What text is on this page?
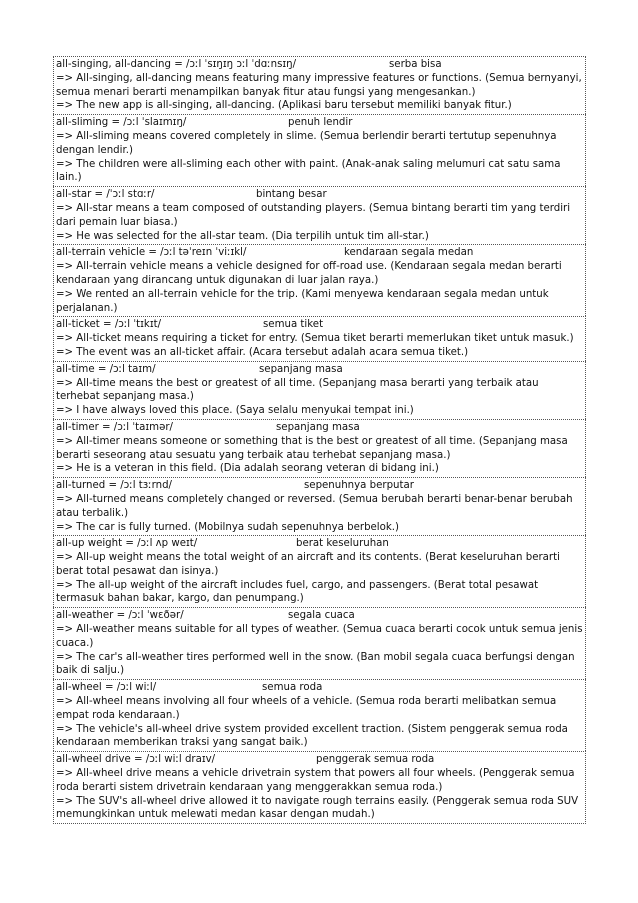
all-singing, all-dancing = /ɔːl ˈsɪŋɪŋ ɔːl ˈdɑːnsɪŋ/	serba bisa

=> All-singing, all-dancing means featuring many impressive features or functions. (Semua bernyanyi, semua menari berarti menampilkan banyak fitur atau fungsi yang mengesankan.)

=> The new app is all-singing, all-dancing. (Aplikasi baru tersebut memiliki banyak fitur.)

all-sliming = /ɔːl ˈslaɪmɪŋ/	penuh lendir

=> All-sliming means covered completely in slime. (Semua berlendir berarti tertutup sepenuhnya dengan lendir.)

=> The children were all-sliming each other with paint. (Anak-anak saling melumuri cat satu sama lain.)

all-star = /ˈɔːl stɑːr/	bintang besar

=> All-star means a team composed of outstanding players. (Semua bintang berarti tim yang terdiri dari pemain luar biasa.)

=> He was selected for the all-star team. (Dia terpilih untuk tim all-star.)

all-terrain vehicle = /ɔːl təˈreɪn ˈviːɪkl/	kendaraan segala medan

=> All-terrain vehicle means a vehicle designed for off-road use. (Kendaraan segala medan berarti kendaraan yang dirancang untuk digunakan di luar jalan raya.)

=> We rented an all-terrain vehicle for the trip. (Kami menyewa kendaraan segala medan untuk perjalanan.)

all-ticket = /ɔːl ˈtɪkɪt/	semua tiket

=> All-ticket means requiring a ticket for entry. (Semua tiket berarti memerlukan tiket untuk masuk.)

=> The event was an all-ticket affair. (Acara tersebut adalah acara semua tiket.)

all-time = /ɔːl taɪm/	sepanjang masa

=> All-time means the best or greatest of all time. (Sepanjang masa berarti yang terbaik atau terhebat sepanjang masa.)

=> I have always loved this place. (Saya selalu menyukai tempat ini.)

all-timer = /ɔːl ˈtaɪmər/	sepanjang masa

=> All-timer means someone or something that is the best or greatest of all time. (Sepanjang masa berarti seseorang atau sesuatu yang terbaik atau terhebat sepanjang masa.)

=> He is a veteran in this field. (Dia adalah seorang veteran di bidang ini.)

all-turned = /ɔːl tɜːrnd/	sepenuhnya berputar

=> All-turned means completely changed or reversed. (Semua berubah berarti benar-benar berubah atau terbalik.)

=> The car is fully turned. (Mobilnya sudah sepenuhnya berbelok.)

all-up weight = /ɔːl ʌp weɪt/	berat keseluruhan

=> All-up weight means the total weight of an aircraft and its contents. (Berat keseluruhan berarti berat total pesawat dan isinya.)

=> The all-up weight of the aircraft includes fuel, cargo, and passengers. (Berat total pesawat termasuk bahan bakar, kargo, dan penumpang.)

all-weather = /ɔːl ˈwɛðər/	segala cuaca

=> All-weather means suitable for all types of weather. (Semua cuaca berarti cocok untuk semua jenis cuaca.)

=> The car's all-weather tires performed well in the snow. (Ban mobil segala cuaca berfungsi dengan baik di salju.)

all-wheel = /ɔːl wiːl/	semua roda

=> All-wheel means involving all four wheels of a vehicle. (Semua roda berarti melibatkan semua empat roda kendaraan.)

=> The vehicle's all-wheel drive system provided excellent traction. (Sistem penggerak semua roda kendaraan memberikan traksi yang sangat baik.)

all-wheel drive = /ɔːl wiːl draɪv/	penggerak semua roda

=> All-wheel drive means a vehicle drivetrain system that powers all four wheels. (Penggerak semua roda berarti sistem drivetrain kendaraan yang menggerakkan semua roda.)

=> The SUV's all-wheel drive allowed it to navigate rough terrains easily. (Penggerak semua roda SUV memungkinkan untuk melewati medan kasar dengan mudah.)
